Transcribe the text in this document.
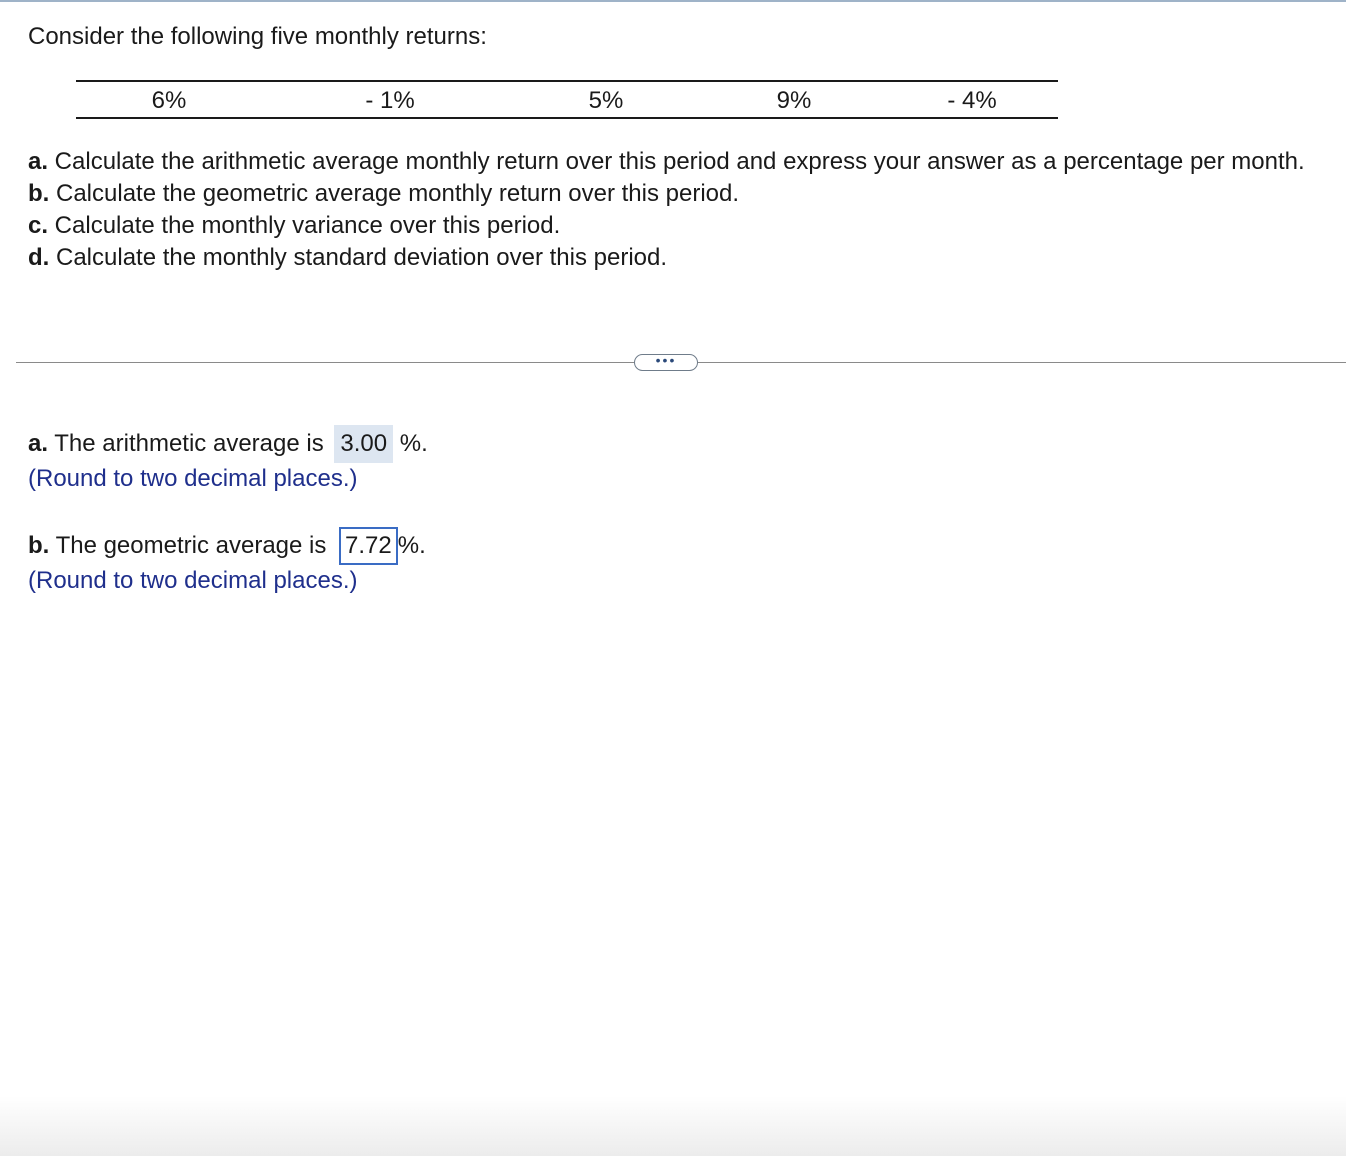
Consider the following five monthly returns:

6%	- 1%	5%	9%	- 4%

a. Calculate the arithmetic average monthly return over this period and express your answer as a percentage per month.

b. Calculate the geometric average monthly return over this period.

c. Calculate the monthly variance over this period.

d. Calculate the monthly standard deviation over this period.

•••

a. The arithmetic average is 3.00 %.

(Round to two decimal places.)

b. The geometric average is 7.72 %.

(Round to two decimal places.)
